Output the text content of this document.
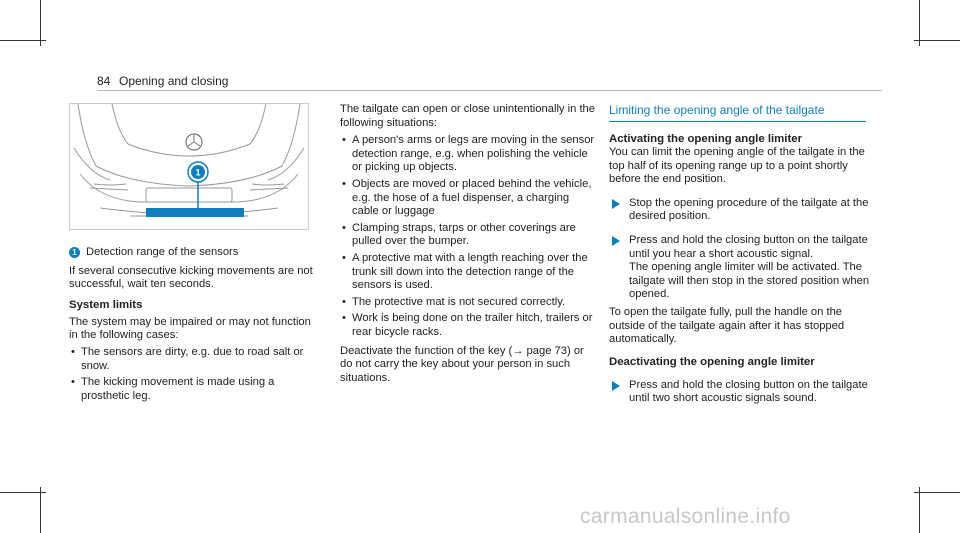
84 Opening and closing
1
1 Detection range of the sensors

If several consecutive kicking movements are not successful, wait ten seconds.

System limits

The system may be impaired or may not function in the following cases:

• The sensors are dirty, e.g. due to road salt or snow.
• The kicking movement is made using a prosthetic leg.

The tailgate can open or close unintentionally in the following situations:

• A person's arms or legs are moving in the sensor detection range, e.g. when polishing the vehicle or picking up objects.
• Objects are moved or placed behind the vehicle, e.g. the hose of a fuel dispenser, a charging cable or luggage
• Clamping straps, tarps or other coverings are pulled over the bumper.
• A protective mat with a length reaching over the trunk sill down into the detection range of the sensors is used.
• The protective mat is not secured correctly.
• Work is being done on the trailer hitch, trailers or rear bicycle racks.

Deactivate the function of the key (→ page 73) or do not carry the key about your person in such situations.

Limiting the opening angle of the tailgate
Activating the opening angle limiter

You can limit the opening angle of the tailgate in the top half of its opening range up to a point shortly before the end position.

Stop the opening procedure of the tailgate at the desired position.

Press and hold the closing button on the tailgate until you hear a short acoustic signal.

The opening angle limiter will be activated. The tailgate will then stop in the stored position when opened.

To open the tailgate fully, pull the handle on the outside of the tailgate again after it has stopped automatically.

Deactivating the opening angle limiter

Press and hold the closing button on the tailgate until two short acoustic signals sound.

carmanualsonline.info
